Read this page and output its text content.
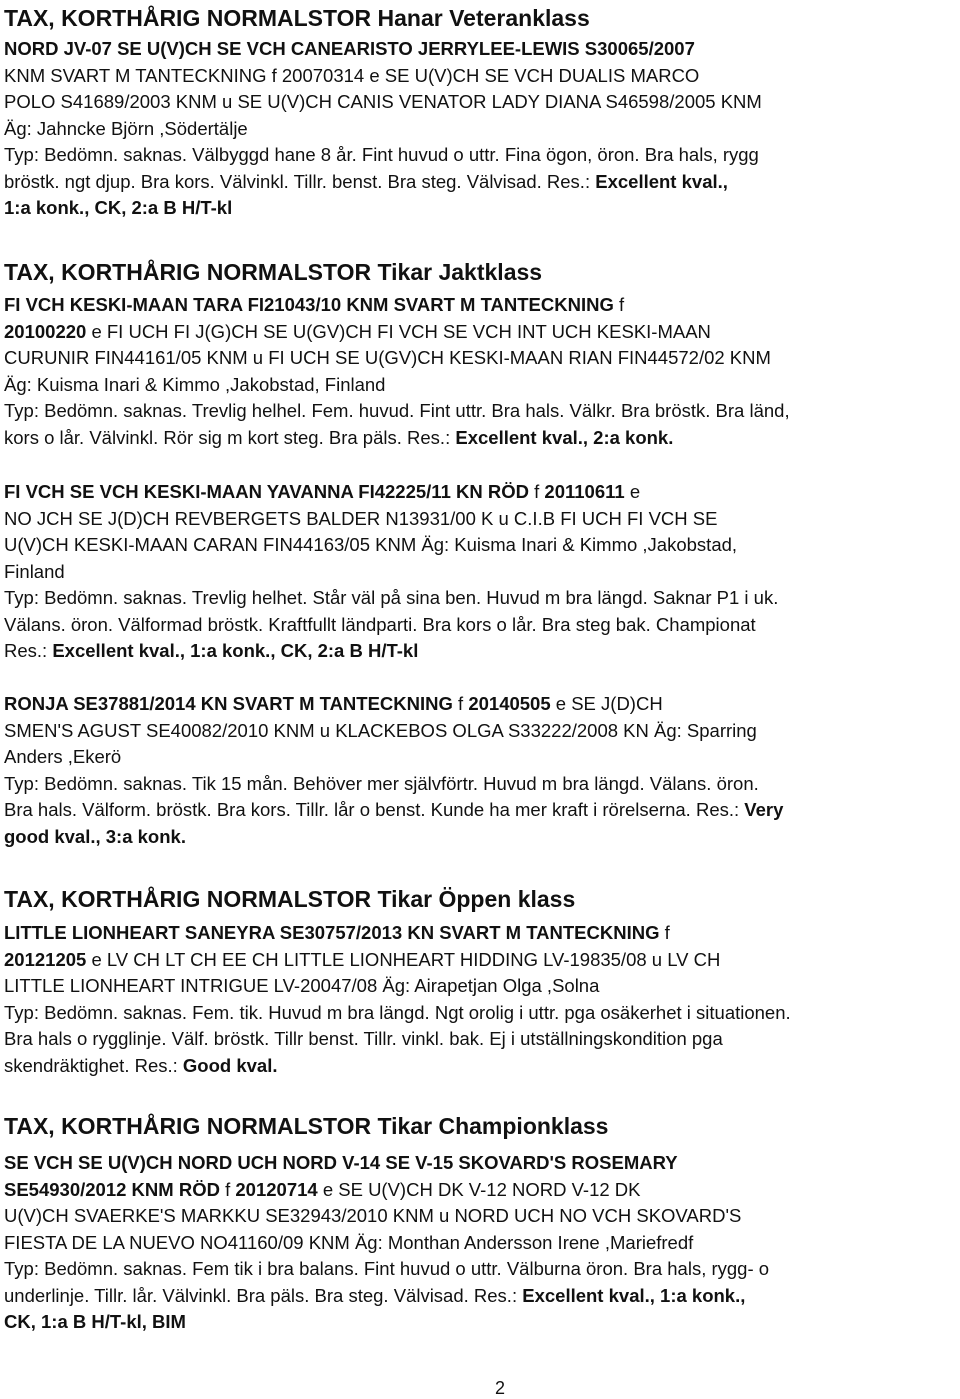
TAX, KORTHÅRIG NORMALSTOR Hanar Veteranklass
NORD JV-07 SE U(V)CH SE VCH CANEARISTO JERRYLEE-LEWIS S30065/2007
KNM SVART M TANTECKNING f 20070314 e SE U(V)CH SE VCH DUALIS MARCO
POLO S41689/2003 KNM u SE U(V)CH CANIS VENATOR LADY DIANA S46598/2005 KNM
Äg: Jahncke Björn ,Södertälje
Typ: Bedömn. saknas. Välbyggd hane 8 år. Fint huvud o uttr. Fina ögon, öron. Bra hals, rygg
bröstk. ngt djup. Bra kors. Välvinkl. Tillr. benst. Bra steg. Välvisad. Res.: Excellent kval.,
1:a konk., CK, 2:a B H/T-kl
TAX, KORTHÅRIG NORMALSTOR Tikar Jaktklass
FI VCH KESKI-MAAN TARA FI21043/10 KNM SVART M TANTECKNING f
20100220 e FI UCH FI J(G)CH SE U(GV)CH FI VCH SE VCH INT UCH KESKI-MAAN
CURUNIR FIN44161/05 KNM u FI UCH SE U(GV)CH KESKI-MAAN RIAN FIN44572/02 KNM
Äg: Kuisma Inari & Kimmo ,Jakobstad, Finland
Typ: Bedömn. saknas. Trevlig helhel. Fem. huvud. Fint uttr. Bra hals. Välkr. Bra bröstk. Bra länd,
kors o lår. Välvinkl. Rör sig m kort steg. Bra päls. Res.: Excellent kval., 2:a konk.
FI VCH SE VCH KESKI-MAAN YAVANNA FI42225/11 KN RÖD f 20110611 e
NO JCH SE J(D)CH REVBERGETS BALDER N13931/00 K u C.I.B FI UCH FI VCH SE
U(V)CH KESKI-MAAN CARAN FIN44163/05 KNM Äg: Kuisma Inari & Kimmo ,Jakobstad,
Finland
Typ: Bedömn. saknas. Trevlig helhet. Står väl på sina ben. Huvud m bra längd. Saknar P1 i uk.
Välans. öron. Välformad bröstk. Kraftfullt ländparti. Bra kors o lår. Bra steg bak. Championat
Res.: Excellent kval., 1:a konk., CK, 2:a B H/T-kl
RONJA SE37881/2014 KN SVART M TANTECKNING f 20140505 e SE J(D)CH
SMEN'S AGUST SE40082/2010 KNM u KLACKEBOS OLGA S33222/2008 KN Äg: Sparring
Anders ,Ekerö
Typ: Bedömn. saknas. Tik 15 mån. Behöver mer självförtr. Huvud m bra längd. Välans. öron.
Bra hals. Välform. bröstk. Bra kors. Tillr. lår o benst. Kunde ha mer kraft i rörelserna. Res.: Very
good kval., 3:a konk.
TAX, KORTHÅRIG NORMALSTOR Tikar Öppen klass
LITTLE LIONHEART SANEYRA SE30757/2013 KN SVART M TANTECKNING f
20121205 e LV CH LT CH EE CH LITTLE LIONHEART HIDDING LV-19835/08 u LV CH
LITTLE LIONHEART INTRIGUE LV-20047/08 Äg: Airapetjan Olga ,Solna
Typ: Bedömn. saknas. Fem. tik. Huvud m bra längd. Ngt orolig i uttr. pga osäkerhet i situationen.
Bra hals o rygglinje. Välf. bröstk. Tillr benst. Tillr. vinkl. bak. Ej i utställningskondition pga
skendräktighet. Res.: Good kval.
TAX, KORTHÅRIG NORMALSTOR Tikar Championklass
SE VCH SE U(V)CH NORD UCH NORD V-14 SE V-15 SKOVARD'S ROSEMARY
SE54930/2012 KNM RÖD f 20120714 e SE U(V)CH DK V-12 NORD V-12 DK
U(V)CH SVAERKE'S MARKKU SE32943/2010 KNM u NORD UCH NO VCH SKOVARD'S
FIESTA DE LA NUEVO NO41160/09 KNM Äg: Monthan Andersson Irene ,Mariefredf
Typ: Bedömn. saknas. Fem tik i bra balans. Fint huvud o uttr. Välburna öron. Bra hals, rygg- o
underlinje. Tillr. lår. Välvinkl. Bra päls. Bra steg. Välvisad. Res.: Excellent kval., 1:a konk.,
CK, 1:a B H/T-kl, BIM
2
